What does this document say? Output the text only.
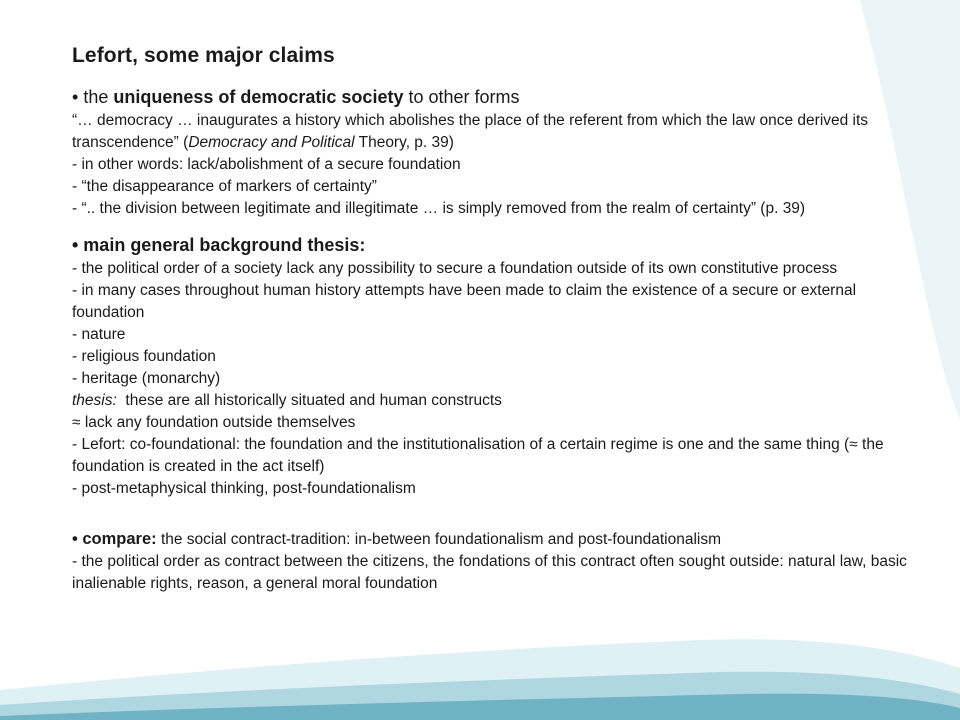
Lefort, some major claims
• the uniqueness of democratic society to other forms

“… democracy … inaugurates a history which abolishes the place of the referent from which the law once derived its transcendence” (Democracy and Political Theory, p. 39)

- in other words: lack/abolishment of a secure foundation

- “the disappearance of markers of certainty”

- “.. the division between legitimate and illegitimate … is simply removed from the realm of certainty” (p. 39)

• main general background thesis:

- the political order of a society lack any possibility to secure a foundation outside of its own constitutive process

- in many cases throughout human history attempts have been made to claim the existence of a secure or external foundation

- nature

- religious foundation

- heritage (monarchy)

thesis:  these are all historically situated and human constructs

≈ lack any foundation outside themselves

- Lefort: co-foundational: the foundation and the institutionalisation of a certain regime is one and the same thing (≈ the foundation is created in the act itself)

- post-metaphysical thinking, post-foundationalism

• compare: the social contract-tradition: in-between foundationalism and post-foundationalism

- the political order as contract between the citizens, the fondations of this contract often sought outside: natural law, basic inalienable rights, reason, a general moral foundation
